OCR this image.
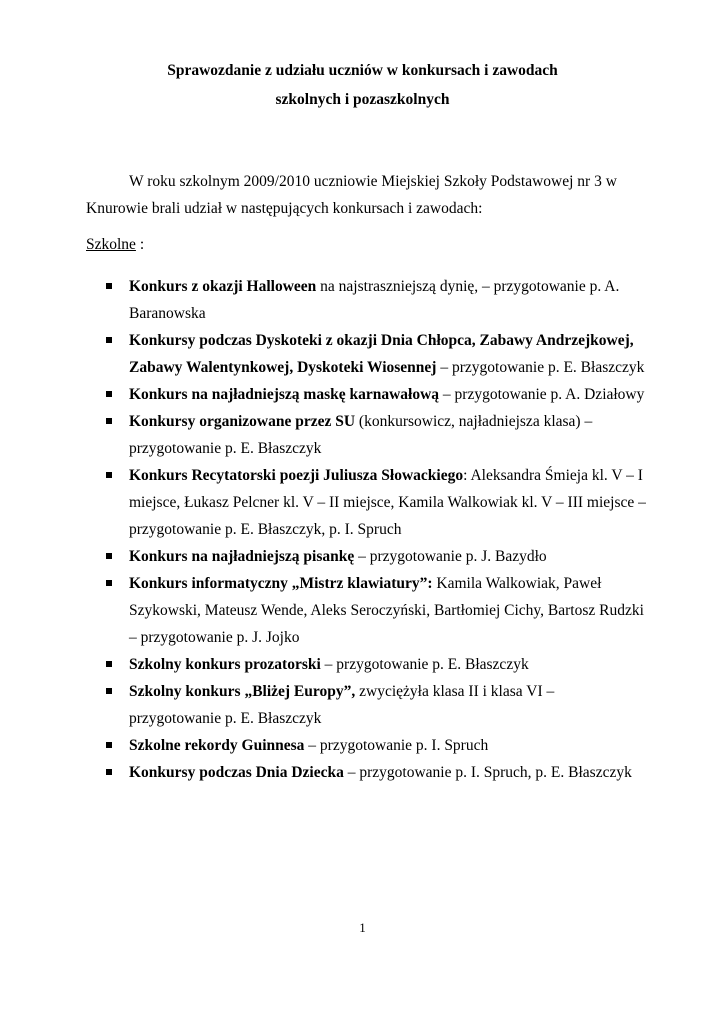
Sprawozdanie z udziału uczniów w konkursach i zawodach
szkolnych i pozaszkolnych
W roku szkolnym 2009/2010 uczniowie Miejskiej Szkoły Podstawowej nr 3 w Knurowie brali udział w następujących konkursach i zawodach:
Szkolne :
Konkurs z okazji Halloween na najstraszniejszą dynię, – przygotowanie p. A. Baranowska
Konkursy podczas Dyskoteki z okazji Dnia Chłopca, Zabawy Andrzejkowej, Zabawy Walentynkowej, Dyskoteki Wiosennej – przygotowanie p. E. Błaszczyk
Konkurs na najładniejszą maskę karnawałową – przygotowanie p. A. Działowy
Konkursy organizowane przez SU (konkursowicz, najładniejsza klasa) – przygotowanie p. E. Błaszczyk
Konkurs Recytatorski poezji Juliusza Słowackiego: Aleksandra Śmieja kl. V – I miejsce, Łukasz Pelcner kl. V – II miejsce, Kamila Walkowiak kl. V – III miejsce – przygotowanie p. E. Błaszczyk, p. I. Spruch
Konkurs na najładniejszą pisankę – przygotowanie p. J. Bazydło
Konkurs informatyczny „Mistrz klawiatury”: Kamila Walkowiak, Paweł Szykowski, Mateusz Wende, Aleks Seroczyński, Bartłomiej Cichy, Bartosz Rudzki – przygotowanie p. J. Jojko
Szkolny konkurs prozatorski – przygotowanie p. E. Błaszczyk
Szkolny konkurs „Bliżej Europy”, zwyciężyła klasa II i klasa VI – przygotowanie p. E. Błaszczyk
Szkolne rekordy Guinnesa – przygotowanie p. I. Spruch
Konkursy podczas Dnia Dziecka – przygotowanie p. I. Spruch, p. E. Błaszczyk
1
